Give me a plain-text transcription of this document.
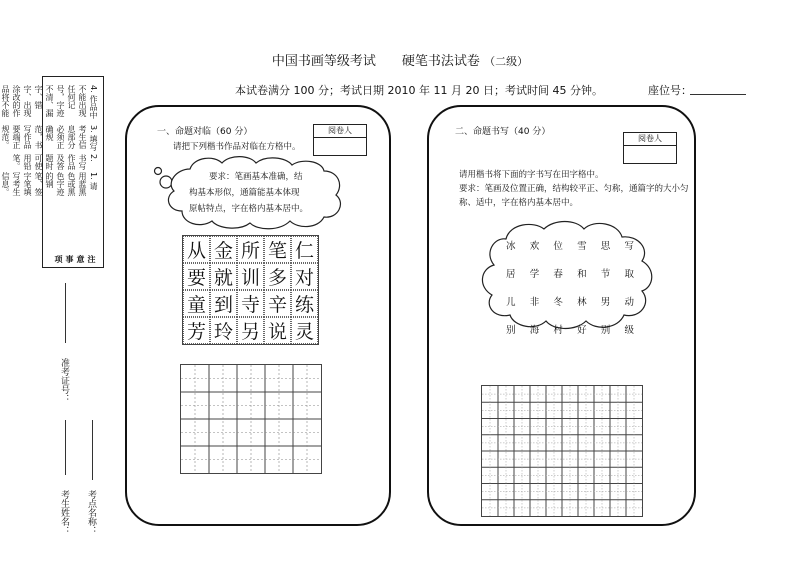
中国书画等级考试 硬笔书法试卷 （二级）
本试卷满分 100 分；考试日期 2010 年 11 月 20 日；考试时间 45 分钟。	座位号：
注意事项
1. 请用蓝黑色或黑色字迹的钢笔、签字笔填写考生信息。
2. 书写作品及答题时可使用铅笔。
3. 填写考生信息部分必须正确规范，书写作品要端正规范。
4. 作品中不能出现任何记号，字迹不清、漏字、错字、出现涂改的作品将不能
准考证号：
考生姓名： 考点名称：
一、命题对临（60 分）	阅卷人
请把下列楷书作品对临在方格中。
要求：笔画基本准确，结
构基本形似，通篇能基本体现
原帖特点，字在格内基本居中。
从 金 所 笔 仁
要 就 训 多 对
童 到 寺 辛 练
芳 玲 另 说 灵
二、命题书写（40 分）
阅卷人
请用楷书将下面的字书写在田字格中。
要求：笔画及位置正确，结构较平正、匀称，通篇字的大小匀
称、适中，字在格内基本居中。
冰 欢 位 雪 思 写
居 学 春 和 节 取
儿 非 冬 林 男 动
别 海 村 好 别 级
